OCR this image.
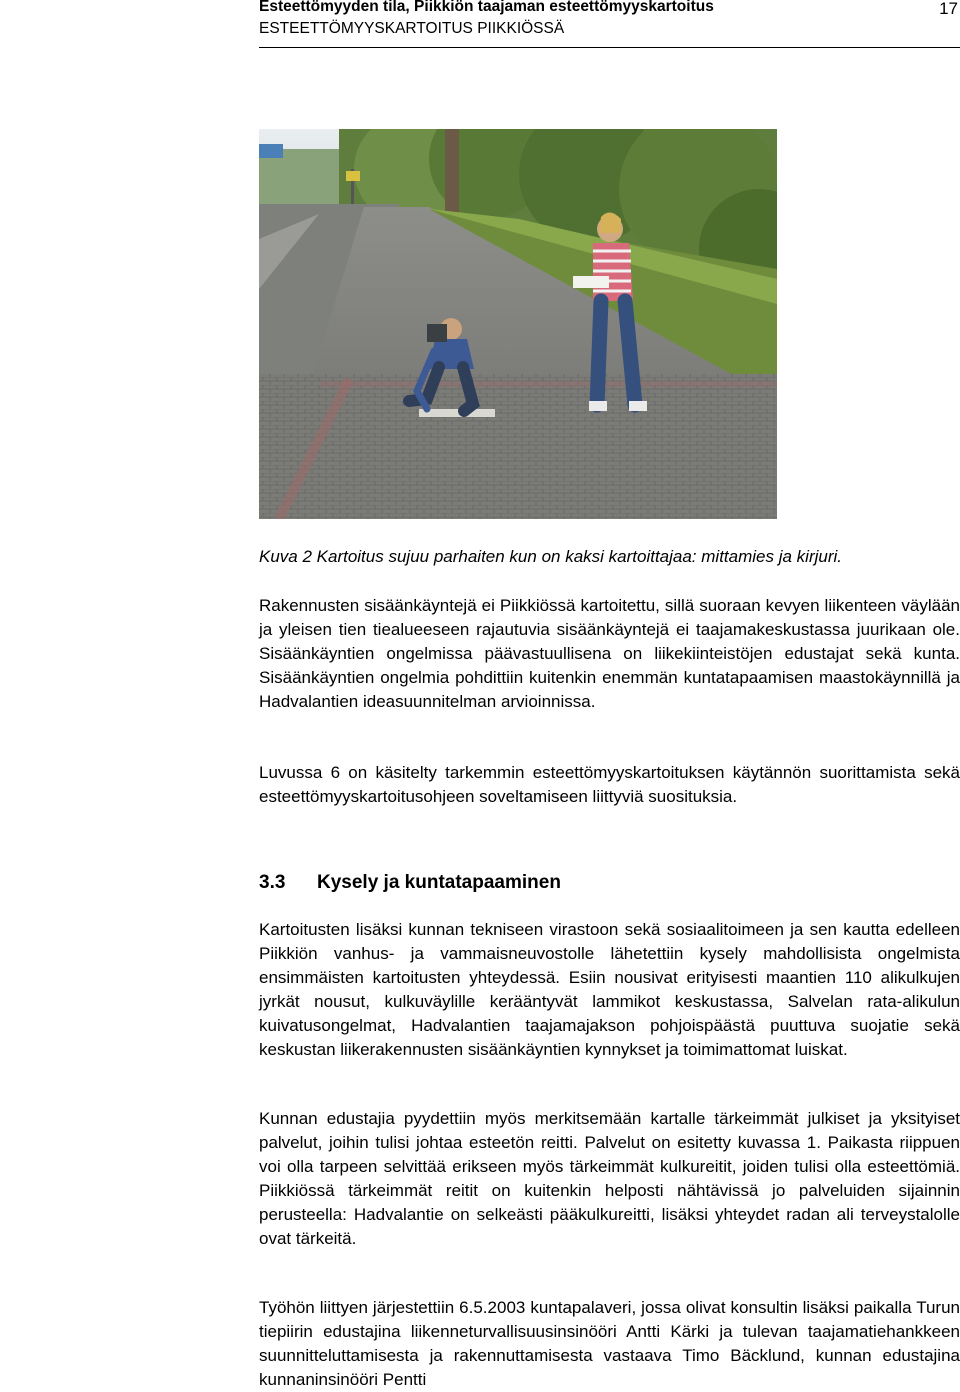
Esteettömyyden tila, Piikkiön taajaman esteettömyyskartoitus
ESTEETTÖMYYSKARTOITUS PIIKKIÖSSÄ
17
Kuva 2 Kartoitus sujuu parhaiten kun on kaksi kartoittajaa: mittamies ja kirjuri.
Rakennusten sisäänkäyntejä ei Piikkiössä kartoitettu, sillä suoraan kevyen liikenteen väylään ja yleisen tien tiealueeseen rajautuvia sisäänkäyntejä ei taajamakeskustassa juurikaan ole. Sisäänkäyntien ongelmissa päävastuullisena on liikekiinteistöjen edustajat sekä kunta. Sisäänkäyntien ongelmia pohdittiin kuitenkin enemmän kuntatapaamisen maastokäynnillä ja Hadvalantien ideasuunnitelman arvioinnissa.
Luvussa 6 on käsitelty tarkemmin esteettömyyskartoituksen käytännön suorittamista sekä esteettömyyskartoitusohjeen soveltamiseen liittyviä suosituksia.
3.3 Kysely ja kuntatapaaminen
Kartoitusten lisäksi kunnan tekniseen virastoon sekä sosiaalitoimeen ja sen kautta edelleen Piikkiön vanhus- ja vammaisneuvostolle lähetettiin kysely mahdollisista ongelmista ensimmäisten kartoitusten yhteydessä. Esiin nousivat erityisesti maantien 110 alikulkujen jyrkät nousut, kulkuväylille kerääntyvät lammikot keskustassa, Salvelan rata-alikulun kuivatusongelmat, Hadvalantien taajamajakson pohjoispäästä puuttuva suojatie sekä keskustan liikerakennusten sisäänkäyntien kynnykset ja toimimattomat luiskat.
Kunnan edustajia pyydettiin myös merkitsemään kartalle tärkeimmät julkiset ja yksityiset palvelut, joihin tulisi johtaa esteetön reitti. Palvelut on esitetty kuvassa 1. Paikasta riippuen voi olla tarpeen selvittää erikseen myös tärkeimmät kulkureitit, joiden tulisi olla esteettömiä. Piikkiössä tärkeimmät reitit on kuitenkin helposti nähtävissä jo palveluiden sijainnin perusteella: Hadvalantie on selkeästi pääkulkureitti, lisäksi yhteydet radan ali terveystalolle ovat tärkeitä.
Työhön liittyen järjestettiin 6.5.2003 kuntapalaveri, jossa olivat konsultin lisäksi paikalla Turun tiepiirin edustajina liikenneturvallisuusinsinööri Antti Kärki ja tulevan taajamatiehankkeen suunnitteluttamisesta ja rakennuttamisesta vastaava Timo Bäcklund, kunnan edustajina kunnaninsinööri Pentti
